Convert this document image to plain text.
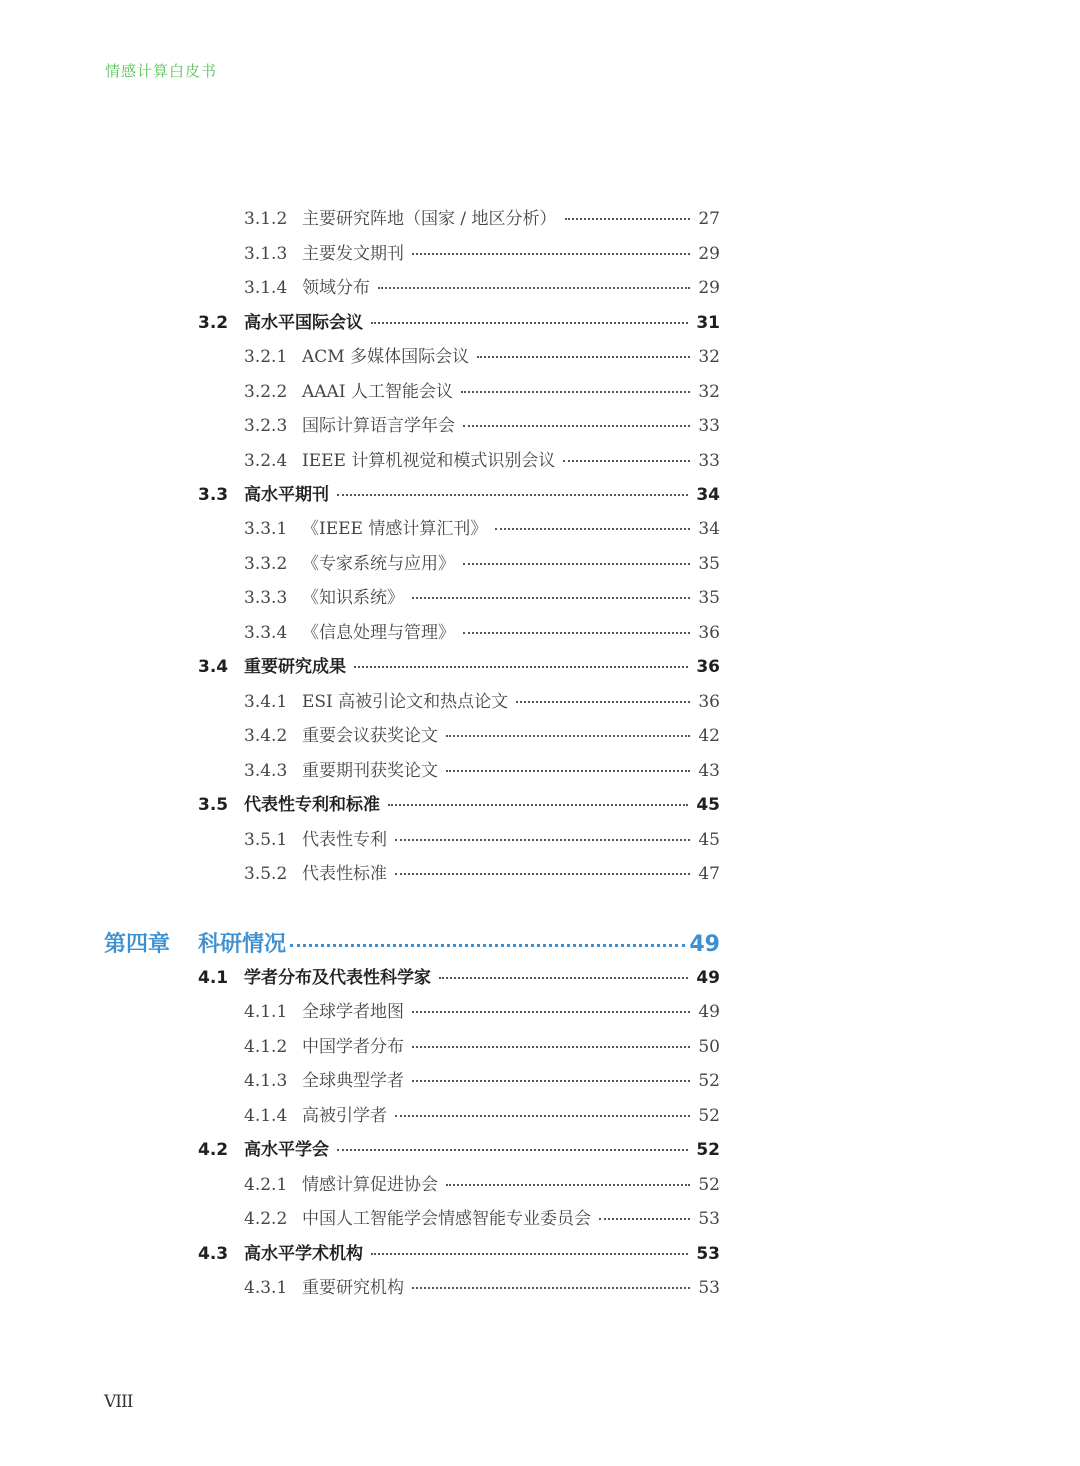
情感计算白皮书
3.1.2 主要研究阵地（国家 / 地区分析）	27
3.1.3 主要发文期刊	29
3.1.4 领域分布	29
3.2 高水平国际会议	31
3.2.1 ACM 多媒体国际会议	32
3.2.2 AAAI 人工智能会议	32
3.2.3 国际计算语言学年会	33
3.2.4 IEEE 计算机视觉和模式识别会议	33
3.3 高水平期刊	34
3.3.1 《IEEE 情感计算汇刊》	34
3.3.2 《专家系统与应用》	35
3.3.3 《知识系统》	35
3.3.4 《信息处理与管理》	36
3.4 重要研究成果	36
3.4.1 ESI 高被引论文和热点论文	36
3.4.2 重要会议获奖论文	42
3.4.3 重要期刊获奖论文	43
3.5 代表性专利和标准	45
3.5.1 代表性专利	45
3.5.2 代表性标准	47
第四章	科研情况	49
4.1 学者分布及代表性科学家	49
4.1.1 全球学者地图	49
4.1.2 中国学者分布	50
4.1.3 全球典型学者	52
4.1.4 高被引学者	52
4.2 高水平学会	52
4.2.1 情感计算促进协会	52
4.2.2 中国人工智能学会情感智能专业委员会	53
4.3 高水平学术机构	53
4.3.1 重要研究机构	53
VIII
